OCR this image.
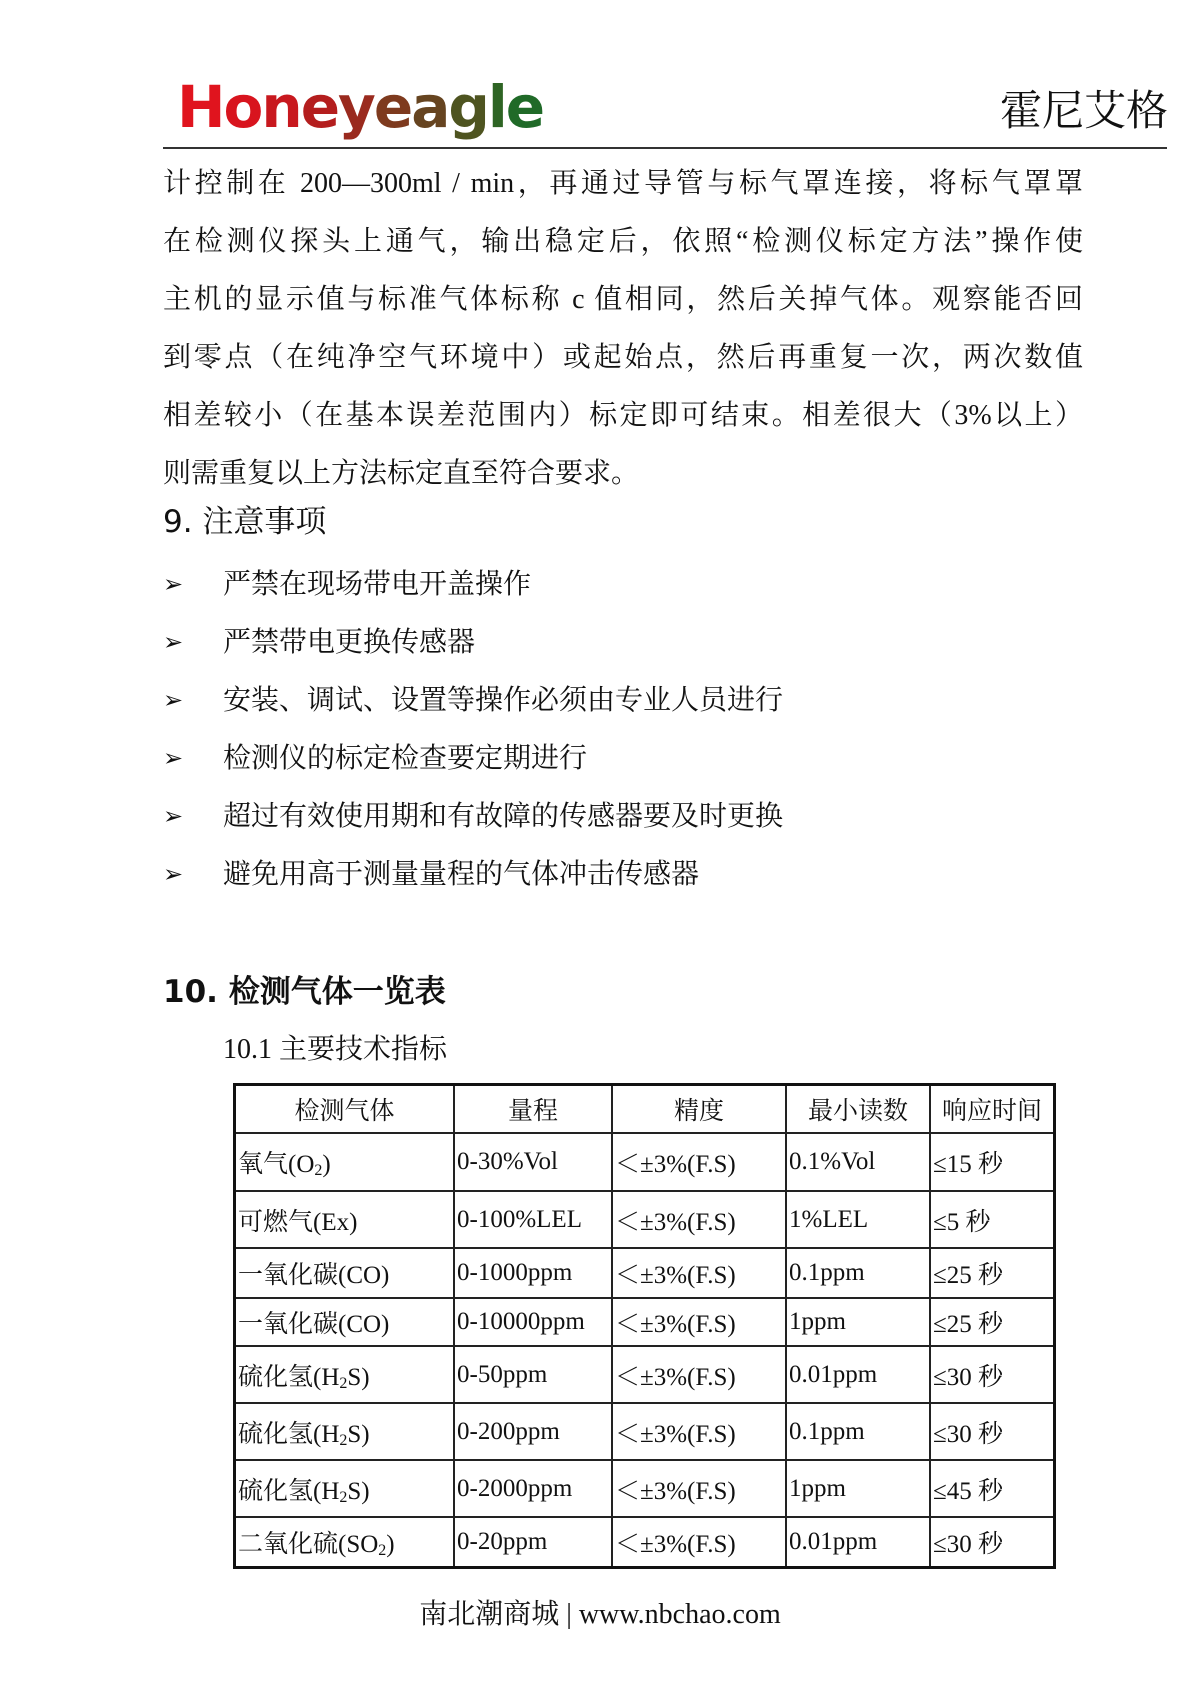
Honeyeagle	霍尼艾格
计控制在 200—300ml / min，再通过导管与标气罩连接，将标气罩罩
在检测仪探头上通气，输出稳定后，依照“检测仪标定方法”操作使
主机的显示值与标准气体标称 c 值相同，然后关掉气体。观察能否回
到零点（在纯净空气环境中）或起始点，然后再重复一次，两次数值
相差较小（在基本误差范围内）标定即可结束。相差很大（3%以上）
则需重复以上方法标定直至符合要求。
9. 注意事项
➢	严禁在现场带电开盖操作
➢	严禁带电更换传感器
➢	安装、调试、设置等操作必须由专业人员进行
➢	检测仪的标定检查要定期进行
➢	超过有效使用期和有故障的传感器要及时更换
➢	避免用高于测量量程的气体冲击传感器
10. 检测气体一览表
10.1 主要技术指标
检测气体	量程	精度	最小读数	响应时间
氧气$(O_2)$	0-30%Vol	＜±3%(F.S)	0.1%Vol	≤15 秒
可燃气(Ex)	0-100%LEL	＜±3%(F.S)	1%LEL	≤5 秒
一氧化碳(CO)	0-1000ppm	＜±3%(F.S)	0.1ppm	≤25 秒
一氧化碳(CO)	0-10000ppm	＜±3%(F.S)	1ppm	≤25 秒
硫化氢$(H_2S)$	0-50ppm	＜±3%(F.S)	0.01ppm	≤30 秒
硫化氢$(H_2S)$	0-200ppm	＜±3%(F.S)	0.1ppm	≤30 秒
硫化氢$(H_2S)$	0-2000ppm	＜±3%(F.S)	1ppm	≤45 秒
二氧化硫$(SO_2)$	0-20ppm	＜±3%(F.S)	0.01ppm	≤30 秒
南北潮商城 | www.nbchao.com
